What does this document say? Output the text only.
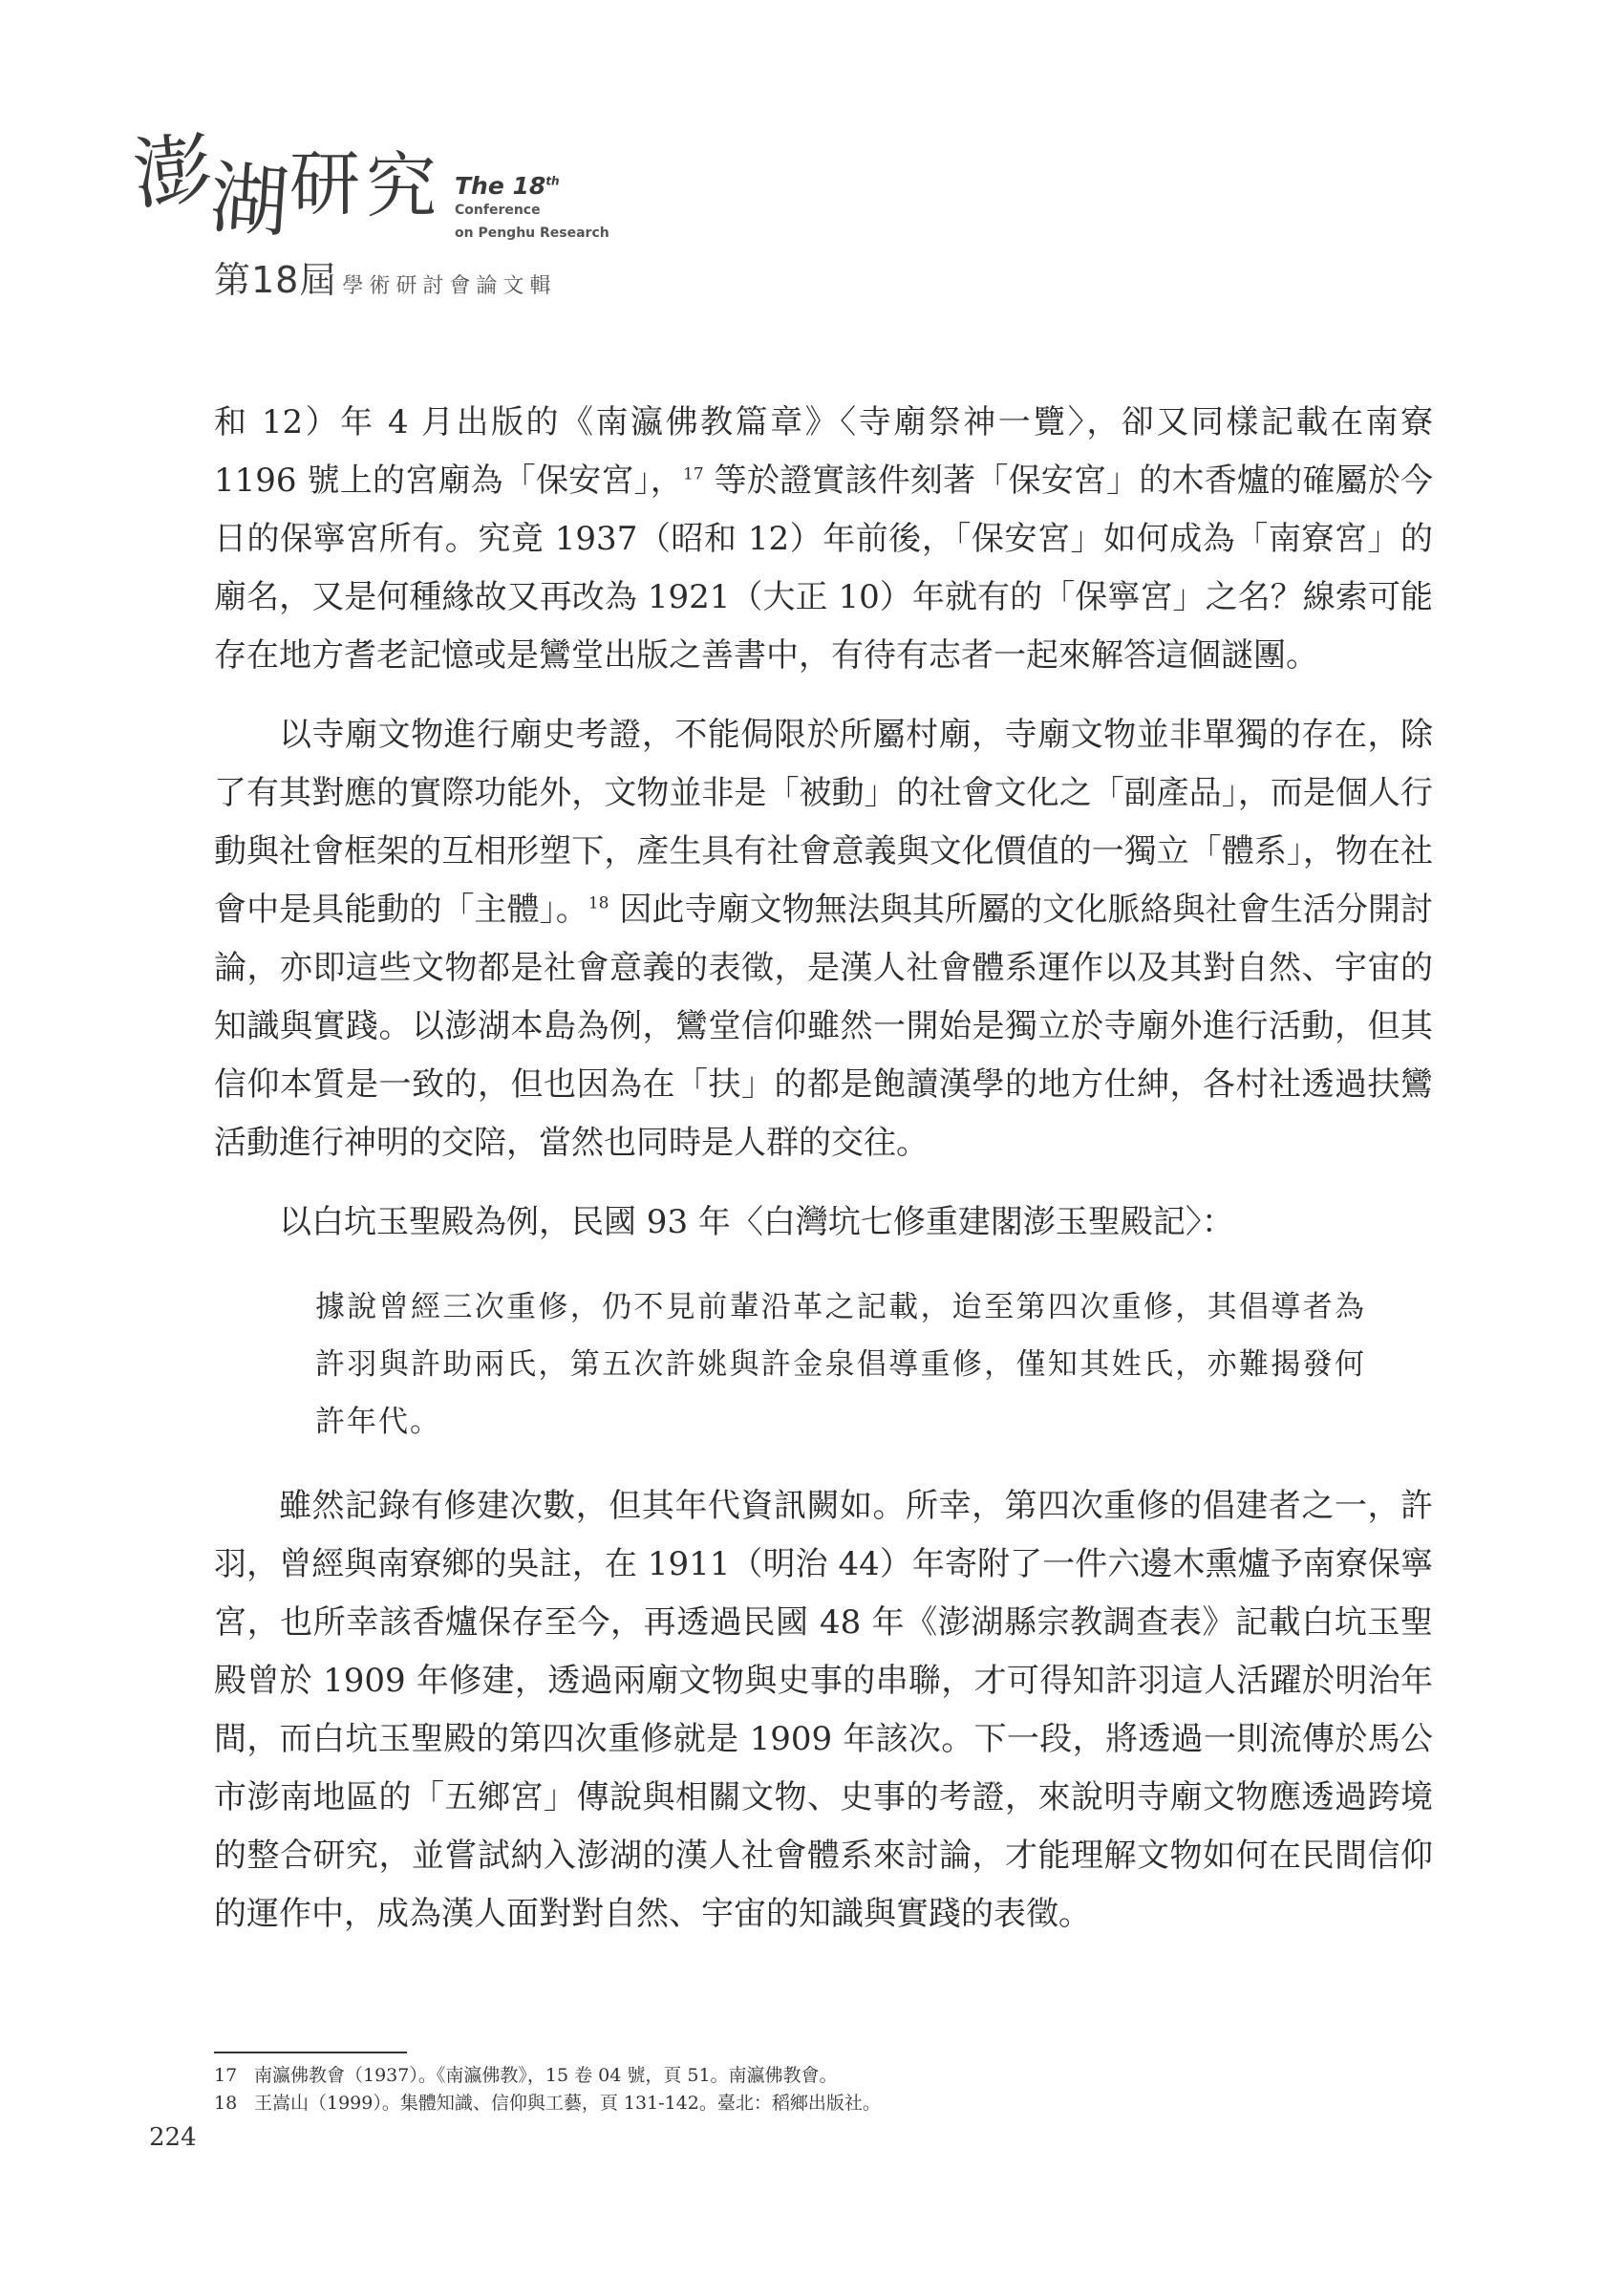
澎
湖
研 究 The 18th
Conference
on Penghu Research
第18屆 學術研討會論文輯

和 12）年 4 月出版的《南瀛佛教篇章》〈寺廟祭神一覽〉，卻又同樣記載在南寮 1196 號上的宮廟為「保安宮」，$^{17}$ 等於證實該件刻著「保安宮」的木香爐的確屬於今日的保寧宮所有。究竟 1937（昭和 12）年前後，「保安宮」如何成為「南寮宮」的廟名，又是何種緣故又再改為 1921（大正 10）年就有的「保寧宮」之名？線索可能存在地方耆老記憶或是鸞堂出版之善書中，有待有志者一起來解答這個謎團。

以寺廟文物進行廟史考證，不能侷限於所屬村廟，寺廟文物並非單獨的存在，除了有其對應的實際功能外，文物並非是「被動」的社會文化之「副產品」，而是個人行動與社會框架的互相形塑下，產生具有社會意義與文化價值的一獨立「體系」，物在社會中是具能動的「主體」。$^{18}$ 因此寺廟文物無法與其所屬的文化脈絡與社會生活分開討論，亦即這些文物都是社會意義的表徵，是漢人社會體系運作以及其對自然、宇宙的知識與實踐。以澎湖本島為例，鸞堂信仰雖然一開始是獨立於寺廟外進行活動，但其信仰本質是一致的，但也因為在「扶」的都是飽讀漢學的地方仕紳，各村社透過扶鸞活動進行神明的交陪，當然也同時是人群的交往。

以白坑玉聖殿為例，民國 93 年〈白灣坑七修重建閣澎玉聖殿記〉：

據說曾經三次重修，仍不見前輩沿革之記載，迨至第四次重修，其倡導者為許羽與許助兩氏，第五次許姚與許金泉倡導重修，僅知其姓氏，亦難揭發何許年代。

雖然記錄有修建次數，但其年代資訊闕如。所幸，第四次重修的倡建者之一，許羽，曾經與南寮鄉的吳註，在 1911（明治 44）年寄附了一件六邊木熏爐予南寮保寧宮，也所幸該香爐保存至今，再透過民國 48 年《澎湖縣宗教調查表》記載白坑玉聖殿曾於 1909 年修建，透過兩廟文物與史事的串聯，才可得知許羽這人活躍於明治年間，而白坑玉聖殿的第四次重修就是 1909 年該次。下一段，將透過一則流傳於馬公市澎南地區的「五鄉宮」傳說與相關文物、史事的考證，來說明寺廟文物應透過跨境的整合研究，並嘗試納入澎湖的漢人社會體系來討論，才能理解文物如何在民間信仰的運作中，成為漢人面對對自然、宇宙的知識與實踐的表徵。

17 南瀛佛教會（1937）。《南瀛佛教》，15 卷 04 號，頁 51。南瀛佛教會。
18 王嵩山（1999）。集體知識、信仰與工藝，頁 131-142。臺北：稻鄉出版社。
224
